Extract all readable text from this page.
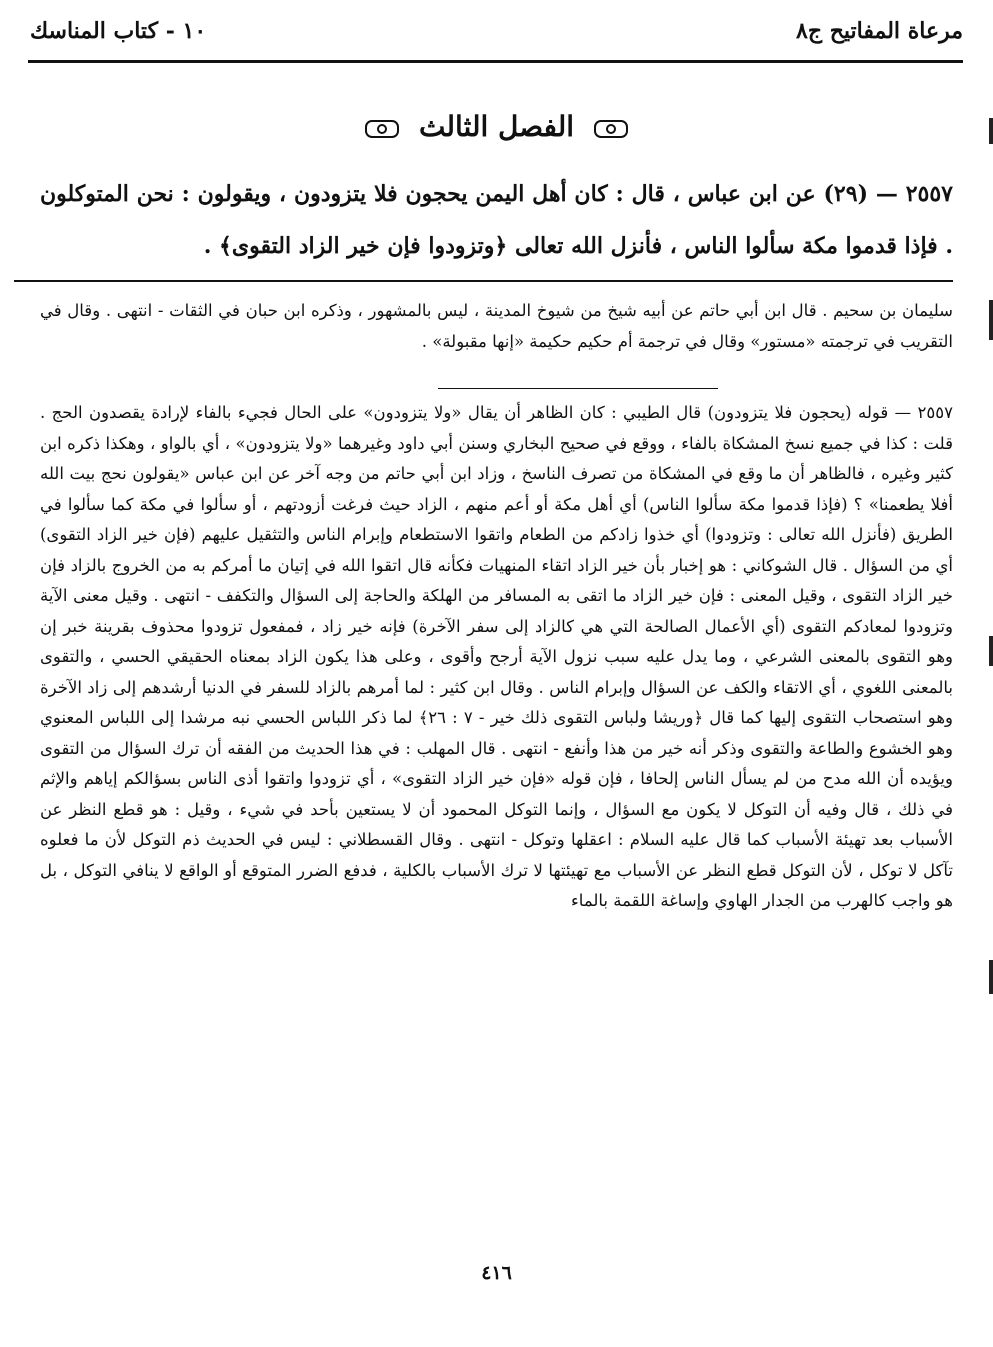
مرعاة المفاتيح ج٨
١٠ - كتاب المناسك
الفصل الثالث
٢٥٥٧ — (٢٩) عن ابن عباس ، قال : كان أهل اليمن يحجون فلا يتزودون ، ويقولون : نحن المتوكلون . فإذا قدموا مكة سألوا الناس ، فأنزل الله تعالى ﴿وتزودوا فإن خير الزاد التقوى﴾ .
سليمان بن سحيم . قال ابن أبي حاتم عن أبيه شيخ من شيوخ المدينة ، ليس بالمشهور ، وذكره ابن حبان في الثقات - انتهى . وقال في التقريب في ترجمته «مستور» وقال في ترجمة أم حكيم حكيمة «إنها مقبولة» .
٢٥٥٧ — قوله (يحجون فلا يتزودون) قال الطيبي : كان الظاهر أن يقال «ولا يتزودون» على الحال فجيء بالفاء لإرادة يقصدون الحج . قلت : كذا في جميع نسخ المشكاة بالفاء ، ووقع في صحيح البخاري وسنن أبي داود وغيرهما «ولا يتزودون» ، أي بالواو ، وهكذا ذكره ابن كثير وغيره ، فالظاهر أن ما وقع في المشكاة من تصرف الناسخ ، وزاد ابن أبي حاتم من وجه آخر عن ابن عباس «يقولون نحج بيت الله أفلا يطعمنا» ؟ (فإذا قدموا مكة سألوا الناس) أي أهل مكة أو أعم منهم ، الزاد حيث فرغت أزودتهم ، أو سألوا في مكة كما سألوا في الطريق (فأنزل الله تعالى : وتزودوا) أي خذوا زادكم من الطعام واتقوا الاستطعام وإبرام الناس والتثقيل عليهم (فإن خير الزاد التقوى) أي من السؤال . قال الشوكاني : هو إخبار بأن خير الزاد اتقاء المنهيات فكأنه قال اتقوا الله في إتيان ما أمركم به من الخروج بالزاد فإن خير الزاد التقوى ، وقيل المعنى : فإن خير الزاد ما اتقى به المسافر من الهلكة والحاجة إلى السؤال والتكفف - انتهى . وقيل معنى الآية وتزودوا لمعادكم التقوى (أي الأعمال الصالحة التي هي كالزاد إلى سفر الآخرة) فإنه خير زاد ، فمفعول تزودوا محذوف بقرينة خبر إن وهو التقوى بالمعنى الشرعي ، وما يدل عليه سبب نزول الآية أرجح وأقوى ، وعلى هذا يكون الزاد بمعناه الحقيقي الحسي ، والتقوى بالمعنى اللغوي ، أي الاتقاء والكف عن السؤال وإبرام الناس . وقال ابن كثير : لما أمرهم بالزاد للسفر في الدنيا أرشدهم إلى زاد الآخرة وهو استصحاب التقوى إليها كما قال ﴿وريشا ولباس التقوى ذلك خير - ٧ : ٢٦﴾ لما ذكر اللباس الحسي نبه مرشدا إلى اللباس المعنوي وهو الخشوع والطاعة والتقوى وذكر أنه خير من هذا وأنفع - انتهى . قال المهلب : في هذا الحديث من الفقه أن ترك السؤال من التقوى ويؤيده أن الله مدح من لم يسأل الناس إلحافا ، فإن قوله «فإن خير الزاد التقوى» ، أي تزودوا واتقوا أذى الناس بسؤالكم إياهم والإثم في ذلك ، قال وفيه أن التوكل لا يكون مع السؤال ، وإنما التوكل المحمود أن لا يستعين بأحد في شيء ، وقيل : هو قطع النظر عن الأسباب بعد تهيئة الأسباب كما قال عليه السلام : اعقلها وتوكل - انتهى . وقال القسطلاني : ليس في الحديث ذم التوكل لأن ما فعلوه تآكل لا توكل ، لأن التوكل قطع النظر عن الأسباب مع تهيئتها لا ترك الأسباب بالكلية ، فدفع الضرر المتوقع أو الواقع لا ينافي التوكل ، بل هو واجب كالهرب من الجدار الهاوي وإساغة اللقمة بالماء
٤١٦
